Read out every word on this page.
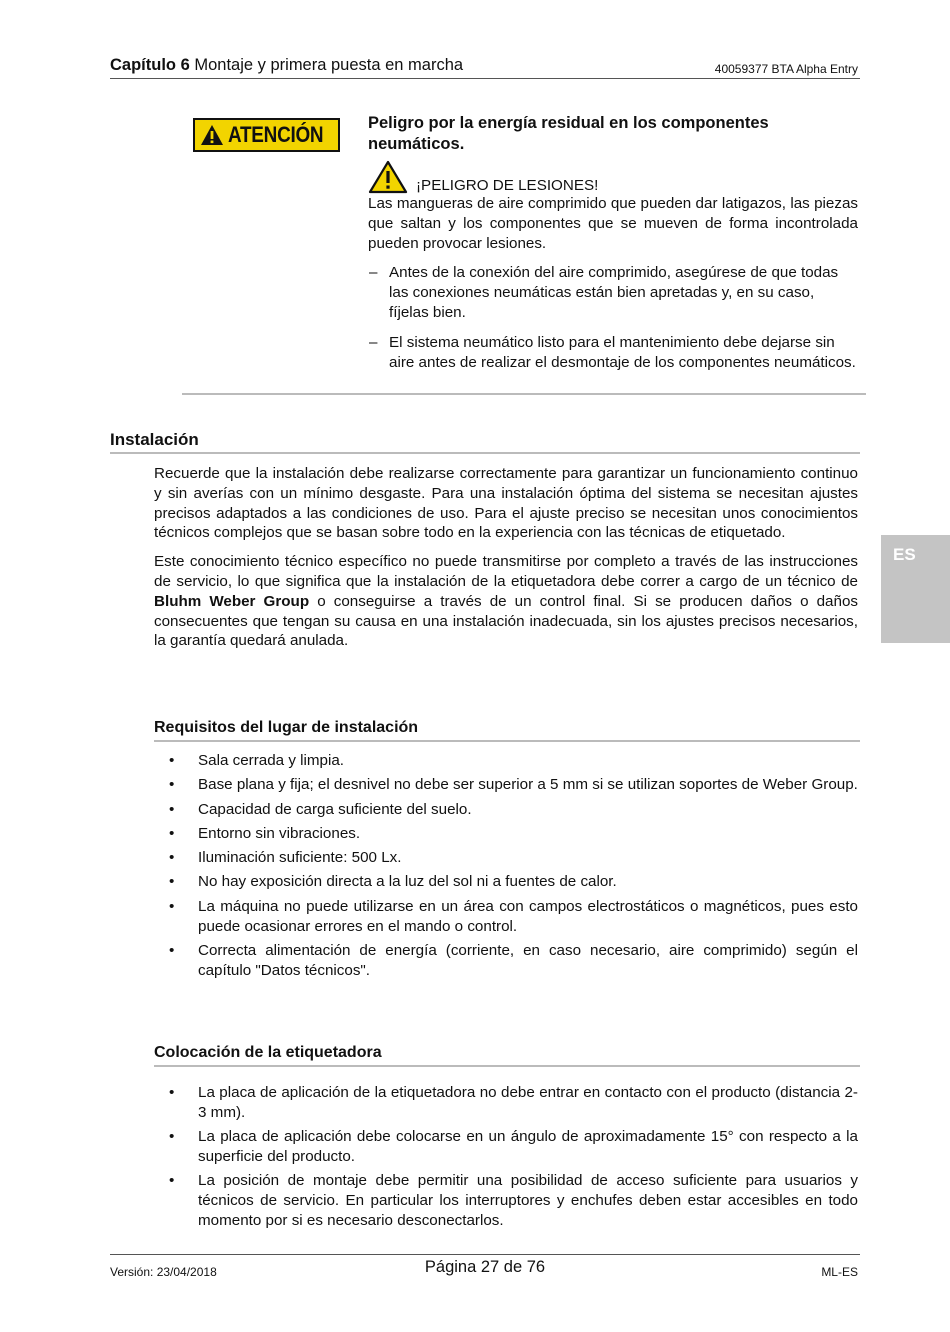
Capítulo 6 Montaje y primera puesta en marcha	40059377 BTA Alpha Entry
ATENCIÓN	Peligro por la energía residual en los componentes neumáticos.
¡PELIGRO DE LESIONES!
Las mangueras de aire comprimido que pueden dar latigazos, las piezas que saltan y los componentes que se mueven de forma incontrolada pueden provocar lesiones.
– Antes de la conexión del aire comprimido, asegúrese de que todas las conexiones neumáticas están bien apretadas y, en su caso, fíjelas bien.
– El sistema neumático listo para el mantenimiento debe dejarse sin aire antes de realizar el desmontaje de los componentes neumáticos.
Instalación

Recuerde que la instalación debe realizarse correctamente para garantizar un funcionamiento continuo y sin averías con un mínimo desgaste. Para una instalación óptima del sistema se necesitan ajustes precisos adaptados a las condiciones de uso. Para el ajuste preciso se necesitan unos conocimientos técnicos complejos que se basan sobre todo en la experiencia con las técnicas de etiquetado.

Este conocimiento técnico específico no puede transmitirse por completo a través de las instrucciones de servicio, lo que significa que la instalación de la etiquetadora debe correr a cargo de un técnico de Bluhm Weber Group o conseguirse a través de un control final. Si se producen daños o daños consecuentes que tengan su causa en una instalación inadecuada, sin los ajustes precisos necesarios, la garantía quedará anulada.

Requisitos del lugar de instalación
• Sala cerrada y limpia.
• Base plana y fija; el desnivel no debe ser superior a 5 mm si se utilizan soportes de Weber Group.
• Capacidad de carga suficiente del suelo.
• Entorno sin vibraciones.
• Iluminación suficiente: 500 Lx.
• No hay exposición directa a la luz del sol ni a fuentes de calor.
• La máquina no puede utilizarse en un área con campos electrostáticos o magnéticos, pues esto puede ocasionar errores en el mando o control.
• Correcta alimentación de energía (corriente, en caso necesario, aire comprimido) según el capítulo "Datos técnicos".
Colocación de la etiquetadora
• La placa de aplicación de la etiquetadora no debe entrar en contacto con el producto (distancia 2-3 mm).
• La placa de aplicación debe colocarse en un ángulo de aproximadamente 15° con respecto a la superficie del producto.
• La posición de montaje debe permitir una posibilidad de acceso suficiente para usuarios y técnicos de servicio. En particular los interruptores y enchufes deben estar accesibles en todo momento por si es necesario desconectarlos.
ES
Versión: 23/04/2018	Página 27 de 76	ML-ES
